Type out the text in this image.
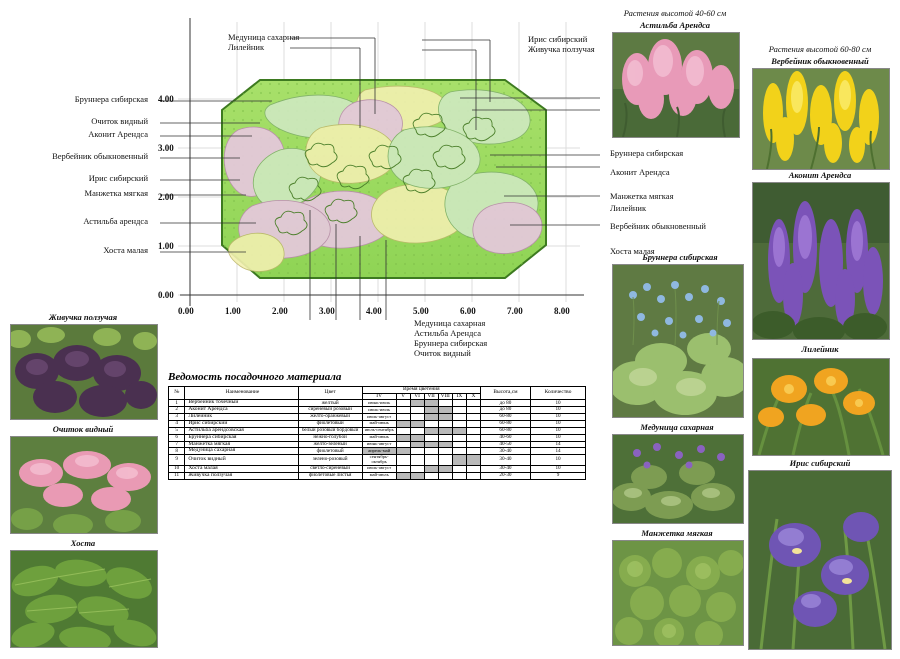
0.00	1.00	2.00	3.00	4.00	5.00	6.00	7.00	8.00
0.00
1.00
2.00
3.00
4.00
Бруннера сибирская
Очиток видный
Аконит Арендса
Вербейник обыкновенный
Ирис сибирский
Манжетка мягкая
Астильба арендса
Хоста малая
Медуница сахарная
Лилейник
Ирис сибирский
Живучка ползучая
Бруннера сибирская
Аконит Арендса
Манжетка мягкая
Лилейник
Вербейник обыкновенный
Хоста малая
Медуница сахарная
Астильба Арендса
Бруннера сибирская
Очиток видный
Растения высотой 40-60 см
Астильба Арендса
Растения высотой 60-80 см
Вербейник обыкновенный
Аконит Арендса
Лилейник
Ирис сибирский
Бруннера сибирская
Медуница сахарная
Манжетка мягкая
Живучка ползучая
Очиток видный
Хоста
Ведомость посадочного материала
№	Наименование	Цвет	Время цветения							Высота,см	Количество
			IV	V	VI	VII	VIII	IX	X		
1	Вербейник точечный	желтый	июнь-июль							до 80	10
2	Аконит Арендса	сиреневый розовый	июль-июль							до 80	10
3	Лилейник	жёлто-оранжевый	июль-август							60-80	10
4	Ирис сибирский	фиолетовый	май-июнь							60-80	10
5	Астильба арендсовская	белый розовый бордовый	июль-сентябрь							60-80	10
6	Бруннера сибирская	нежно-голубой	май-июнь							40-60	10
7	Манжетка мягкая	жёлто-зеленый	июнь-август							40-50	14
8	Медуница сахарная	фиолетовый	апрель-май							30-40	14
9	Очиток видный	зелено-розовый	сентябрь-октябрь							30-40	10
10	Хоста малая	светло-сиреневый	июль-август							30-40	10
11	Живучка ползучая	фиолетовые листья	май-июль							20-30	9
